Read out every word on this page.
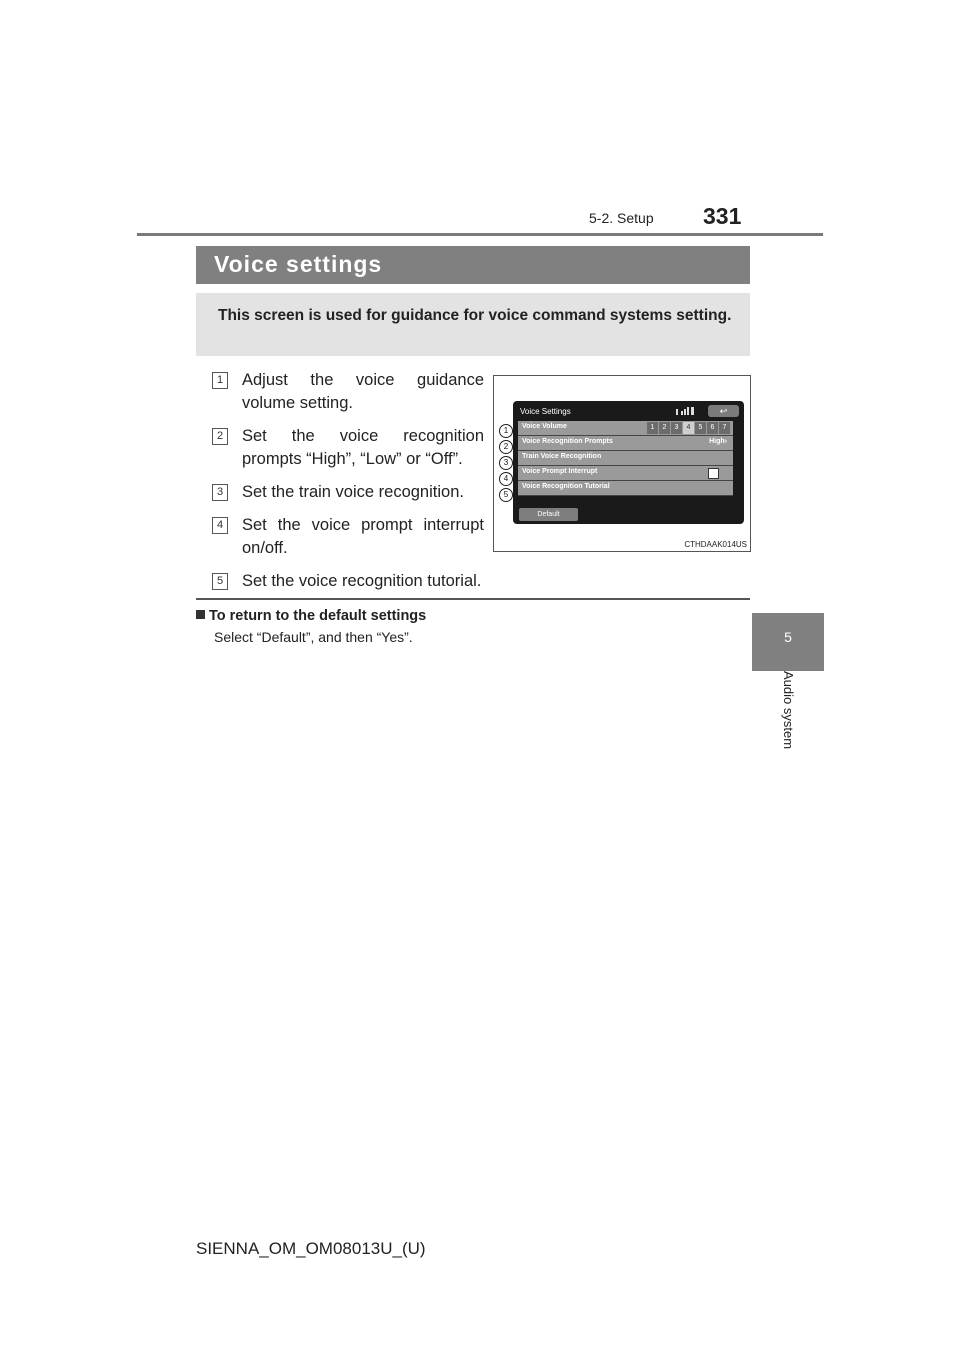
5-2. Setup 331
5
Audio system
Voice settings
This screen is used for guidance for voice command systems setting.
1 Adjust the voice guidance volume setting.
2 Set the voice recognition prompts “High”, “Low” or “Off”.
3 Set the train voice recognition.
4 Set the voice prompt interrupt on/off.
5 Set the voice recognition tutorial.
Voice Settings	↩
Voice Volume	1	2	3	4	5	6	7
Voice Recognition Prompts	High›
Train Voice Recognition
Voice Prompt Interrupt
Voice Recognition Tutorial
Default
1
2
3
4
5
CTHDAAK014US
To return to the default settings
Select “Default”, and then “Yes”.
SIENNA_OM_OM08013U_(U)
